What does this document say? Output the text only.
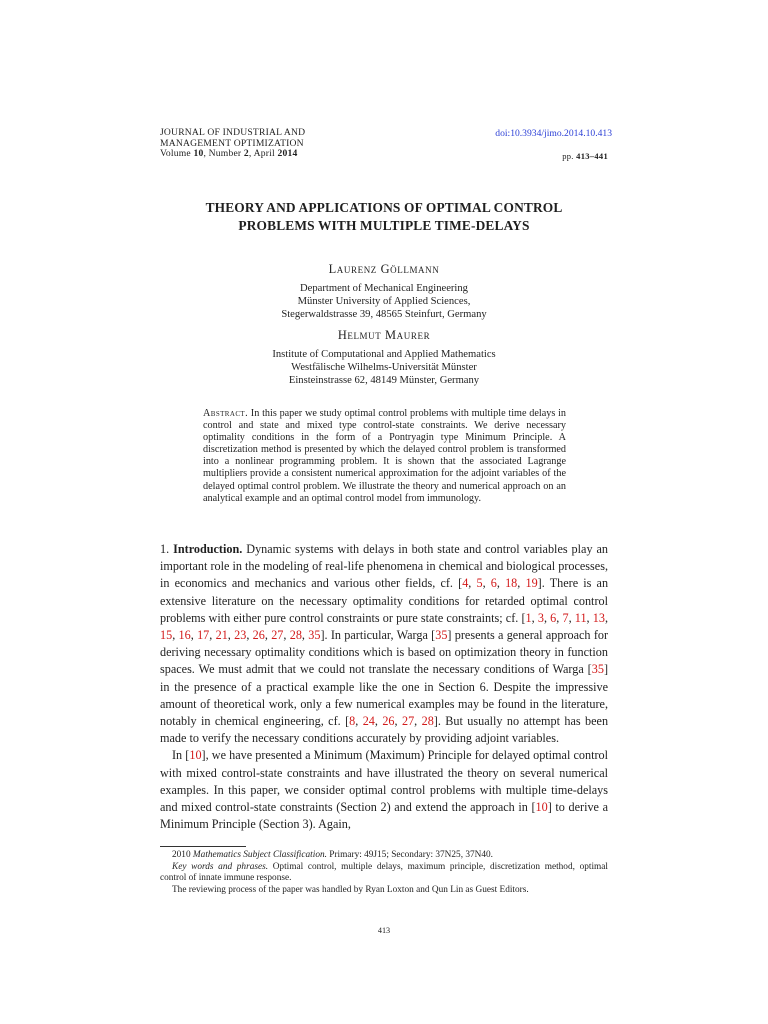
JOURNAL OF INDUSTRIAL AND
MANAGEMENT OPTIMIZATION
Volume 10, Number 2, April 2014
doi:10.3934/jimo.2014.10.413
pp. 413–441
THEORY AND APPLICATIONS OF OPTIMAL CONTROL
PROBLEMS WITH MULTIPLE TIME-DELAYS
Laurenz Göllmann
Department of Mechanical Engineering
Münster University of Applied Sciences,
Stegerwaldstrasse 39, 48565 Steinfurt, Germany
Helmut Maurer
Institute of Computational and Applied Mathematics
Westfälische Wilhelms-Universität Münster
Einsteinstrasse 62, 48149 Münster, Germany
Abstract. In this paper we study optimal control problems with multiple time delays in control and state and mixed type control-state constraints. We derive necessary optimality conditions in the form of a Pontryagin type Minimum Principle. A discretization method is presented by which the delayed control problem is transformed into a nonlinear programming problem. It is shown that the associated Lagrange multipliers provide a consistent numerical approximation for the adjoint variables of the delayed optimal control problem. We illustrate the theory and numerical approach on an analytical example and an optimal control model from immunology.

1. Introduction. Dynamic systems with delays in both state and control variables play an important role in the modeling of real-life phenomena in chemical and biological processes, in economics and mechanics and various other fields, cf. [4, 5, 6, 18, 19]. There is an extensive literature on the necessary optimality conditions for retarded optimal control problems with either pure control constraints or pure state constraints; cf. [1, 3, 6, 7, 11, 13, 15, 16, 17, 21, 23, 26, 27, 28, 35]. In particular, Warga [35] presents a general approach for deriving necessary optimality conditions which is based on optimization theory in function spaces. We must admit that we could not translate the necessary conditions of Warga [35] in the presence of a practical example like the one in Section 6. Despite the impressive amount of theoretical work, only a few numerical examples may be found in the literature, notably in chemical engineering, cf. [8, 24, 26, 27, 28]. But usually no attempt has been made to verify the necessary conditions accurately by providing adjoint variables.

In [10], we have presented a Minimum (Maximum) Principle for delayed optimal control with mixed control-state constraints and have illustrated the theory on several numerical examples. In this paper, we consider optimal control problems with multiple time-delays and mixed control-state constraints (Section 2) and extend the approach in [10] to derive a Minimum Principle (Section 3). Again,

2010 Mathematics Subject Classification. Primary: 49J15; Secondary: 37N25, 37N40.

Key words and phrases. Optimal control, multiple delays, maximum principle, discretization method, optimal control of innate immune response.

The reviewing process of the paper was handled by Ryan Loxton and Qun Lin as Guest Editors.

413
